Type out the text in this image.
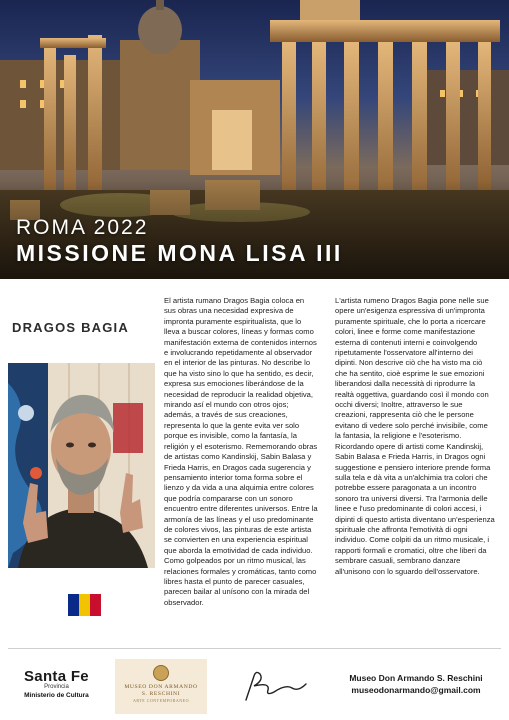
ROMA 2022
MISSIONE MONA LISA III
DRAGOS BAGIA
El artista rumano Dragos Bagia coloca en sus obras una necesidad expresiva de impronta puramente espiritualista, que lo lleva a buscar colores, líneas y formas como manifestación externa de contenidos internos e involucrando repetidamente al observador en el interior de las pinturas. No describe lo que ha visto sino lo que ha sentido, es decir, expresa sus emociones liberándose de la necesidad de reproducir la realidad objetiva, mirando así el mundo con otros ojos; además, a través de sus creaciones, representa lo que la gente evita ver solo porque es invisible, como la fantasía, la religión y el esoterismo. Rememorando obras de artistas como Kandinskij, Sabin Balasa y Frieda Harris, en Dragos cada sugerencia y pensamiento interior toma forma sobre el lienzo y da vida a una alquimia entre colores que podría compararse con un sonoro encuentro entre diferentes universos. Entre la armonía de las líneas y el uso predominante de colores vivos, las pinturas de este artista se convierten en una experiencia espiritual que aborda la emotividad de cada individuo. Como golpeados por un ritmo musical, las relaciones formales y cromáticas, tanto como libres hasta el punto de parecer casuales, parecen bailar al unísono con la mirada del observador.
L'artista rumeno Dragos Bagia pone nelle sue opere un'esigenza espressiva di un'impronta puramente spirituale, che lo porta a ricercare colori, linee e forme come manifestazione esterna di contenuti interni e coinvolgendo ripetutamente l'osservatore all'interno dei dipinti. Non descrive ciò che ha visto ma ciò che ha sentito, cioè esprime le sue emozioni liberandosi dalla necessità di riprodurre la realtà oggettiva, guardando così il mondo con occhi diversi; Inoltre, attraverso le sue creazioni, rappresenta ciò che le persone evitano di vedere solo perché invisibile, come la fantasia, la religione e l'esoterismo. Ricordando opere di artisti come Kandinskij, Sabin Balasa e Frieda Harris, in Dragos ogni suggestione e pensiero interiore prende forma sulla tela e dà vita a un'alchimia tra colori che potrebbe essere paragonata a un incontro sonoro tra universi diversi. Tra l'armonia delle linee e l'uso predominante di colori accesi, i dipinti di questo artista diventano un'esperienza spirituale che affronta l'emotività di ogni individuo. Come colpiti da un ritmo musicale, i rapporti formali e cromatici, oltre che liberi da sembrare casuali, sembrano danzare all'unisono con lo sguardo dell'osservatore.
Santa Fe
Provincia
Ministerio de Cultura
MUSEO DON ARMANDO
S. RESCHINI
ARTE CONTEMPORANEO
Museo Don Armando S. Reschini
museodonarmando@gmail.com
